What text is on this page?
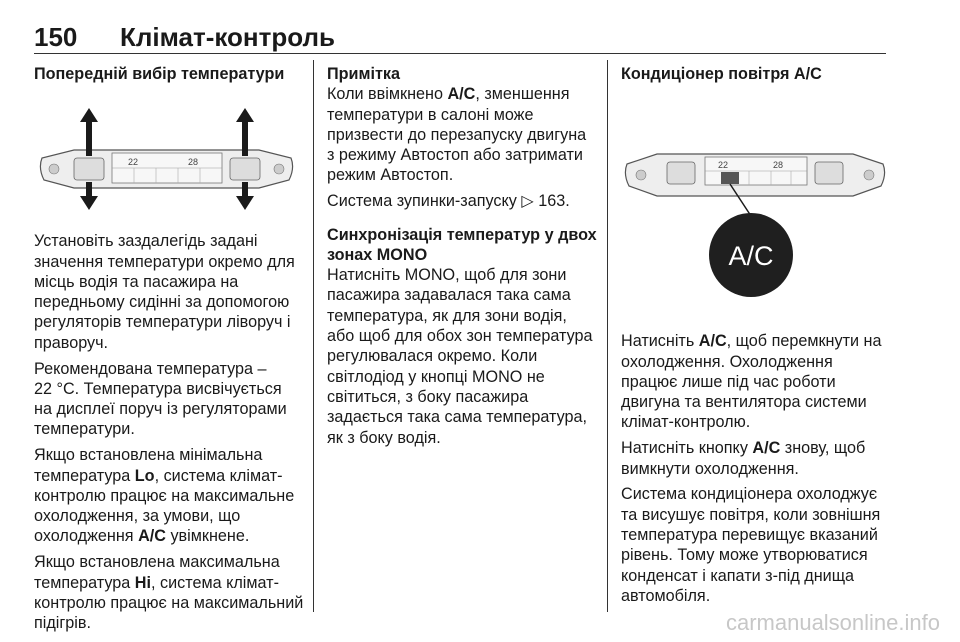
150 Клімат-контроль

Попередній вибір температури

22	28

Установіть заздалегідь задані
значення температури окремо для
місць водія та пасажира на
передньому сидінні за допомогою
регуляторів температури ліворуч і
праворуч.

Рекомендована температура –
22 °C. Температура висвічується
на дисплеї поруч із регуляторами
температури.

Якщо встановлена мінімальна
температура Lo, система клімат-
контролю працює на максимальне
охолодження, за умови, що
охолодження A/C увімкнене.

Якщо встановлена максимальна
температура Hi, система клімат-
контролю працює на максимальний
підігрів.

Примітка

Коли ввімкнено A/C, зменшення
температури в салоні може
призвести до перезапуску двигуна
з режиму Автостоп або затримати
режим Автостоп.

Система зупинки-запуску ▷ 163.

Синхронізація температур у двох
зонах MONO

Натисніть MONO, щоб для зони
пасажира задавалася така сама
температура, як для зони водія,
або щоб для обох зон температура
регулювалася окремо. Коли
світлодіод у кнопці MONO не
світиться, з боку пасажира
задається така сама температура,
як з боку водія.

Кондиціонер повітря A/C

22	28
A/C

Натисніть A/C, щоб перемкнути на
охолодження. Охолодження
працює лише під час роботи
двигуна та вентилятора системи
клімат-контролю.

Натисніть кнопку A/C знову, щоб
вимкнути охолодження.

Система кондиціонера охолоджує
та висушує повітря, коли зовнішня
температура перевищує вказаний
рівень. Тому може утворюватися
конденсат і капати з-під днища
автомобіля.

carmanualsonline.info
